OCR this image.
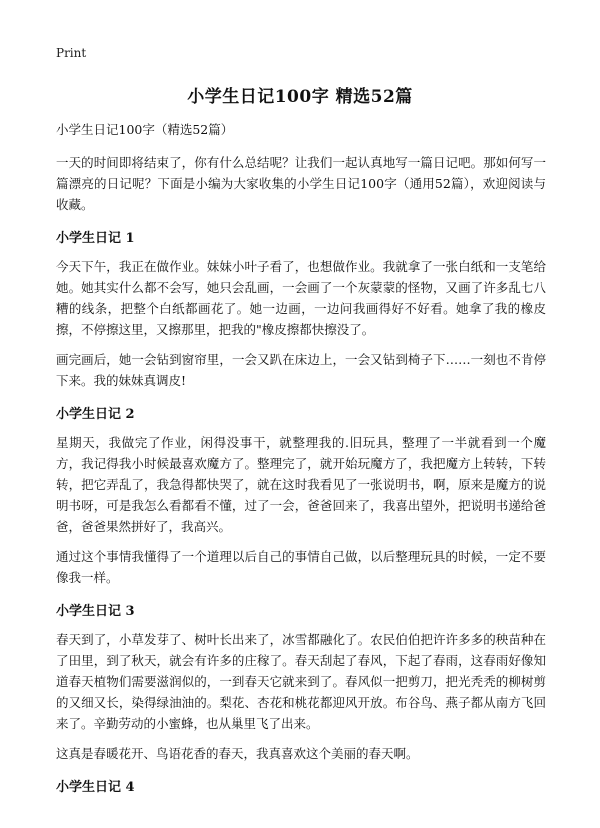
Print
小学生日记100字 精选52篇
小学生日记100字（精选52篇）

一天的时间即将结束了，你有什么总结呢？让我们一起认真地写一篇日记吧。那如何写一篇漂亮的日记呢？下面是小编为大家收集的小学生日记100字（通用52篇），欢迎阅读与收藏。

小学生日记 1

今天下午，我正在做作业。妹妹小叶子看了，也想做作业。我就拿了一张白纸和一支笔给她。她其实什么都不会写，她只会乱画，一会画了一个灰蒙蒙的怪物，又画了许多乱七八糟的线条，把整个白纸都画花了。她一边画，一边问我画得好不好看。她拿了我的橡皮擦，不停擦这里，又擦那里，把我的"橡皮擦都快擦没了。

画完画后，她一会钻到窗帘里，一会又趴在床边上，一会又钻到椅子下……一刻也不肯停下来。我的妹妹真调皮!

小学生日记 2

星期天，我做完了作业，闲得没事干，就整理我的.旧玩具，整理了一半就看到一个魔方，我记得我小时候最喜欢魔方了。整理完了，就开始玩魔方了，我把魔方上转转，下转转，把它弄乱了，我急得都快哭了，就在这时我看见了一张说明书，啊，原来是魔方的说明书呀，可是我怎么看都看不懂，过了一会，爸爸回来了，我喜出望外，把说明书递给爸爸，爸爸果然拼好了，我高兴。

通过这个事情我懂得了一个道理以后自己的事情自己做，以后整理玩具的时候，一定不要像我一样。

小学生日记 3

春天到了，小草发芽了、树叶长出来了，冰雪都融化了。农民伯伯把许许多多的秧苗种在了田里，到了秋天，就会有许多的庄稼了。春天刮起了春风，下起了春雨，这春雨好像知道春天植物们需要滋润似的，一到春天它就来到了。春风似一把剪刀，把光秃秃的柳树剪的又细又长，染得绿油油的。梨花、杏花和桃花都迎风开放。布谷鸟、燕子都从南方飞回来了。辛勤劳动的小蜜蜂，也从巢里飞了出来。

这真是春暖花开、鸟语花香的春天，我真喜欢这个美丽的春天啊。

小学生日记 4
